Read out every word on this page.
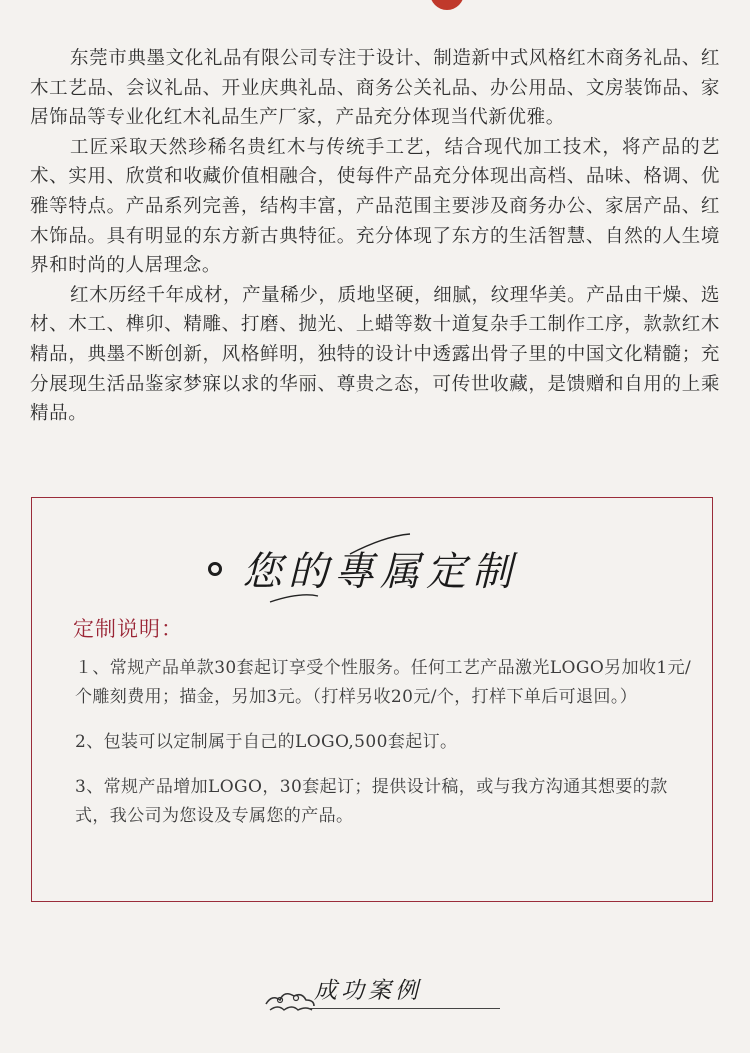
东莞市典墨文化礼品有限公司专注于设计、制造新中式风格红木商务礼品、红木工艺品、会议礼品、开业庆典礼品、商务公关礼品、办公用品、文房装饰品、家居饰品等专业化红木礼品生产厂家，产品充分体现当代新优雅。

工匠采取天然珍稀名贵红木与传统手工艺，结合现代加工技术，将产品的艺术、实用、欣赏和收藏价值相融合，使每件产品充分体现出高档、品味、格调、优雅等特点。产品系列完善，结构丰富，产品范围主要涉及商务办公、家居产品、红木饰品。具有明显的东方新古典特征。充分体现了东方的生活智慧、自然的人生境界和时尚的人居理念。

红木历经千年成材，产量稀少，质地坚硬，细腻，纹理华美。产品由干燥、选材、木工、榫卯、精雕、打磨、抛光、上蜡等数十道复杂手工制作工序，款款红木精品，典墨不断创新，风格鲜明，独特的设计中透露出骨子里的中国文化精髓；充分展现生活品鉴家梦寐以求的华丽、尊贵之态，可传世收藏，是馈赠和自用的上乘精品。

您的專属定制
定制说明：

１、常规产品单款30套起订享受个性服务。任何工艺产品激光LOGO另加收1元/个雕刻费用；描金，另加3元。（打样另收20元/个，打样下单后可退回。）

2、包装可以定制属于自己的LOGO,500套起订。

3、常规产品增加LOGO，30套起订；提供设计稿，或与我方沟通其想要的款式，我公司为您设及专属您的产品。

成功案例
